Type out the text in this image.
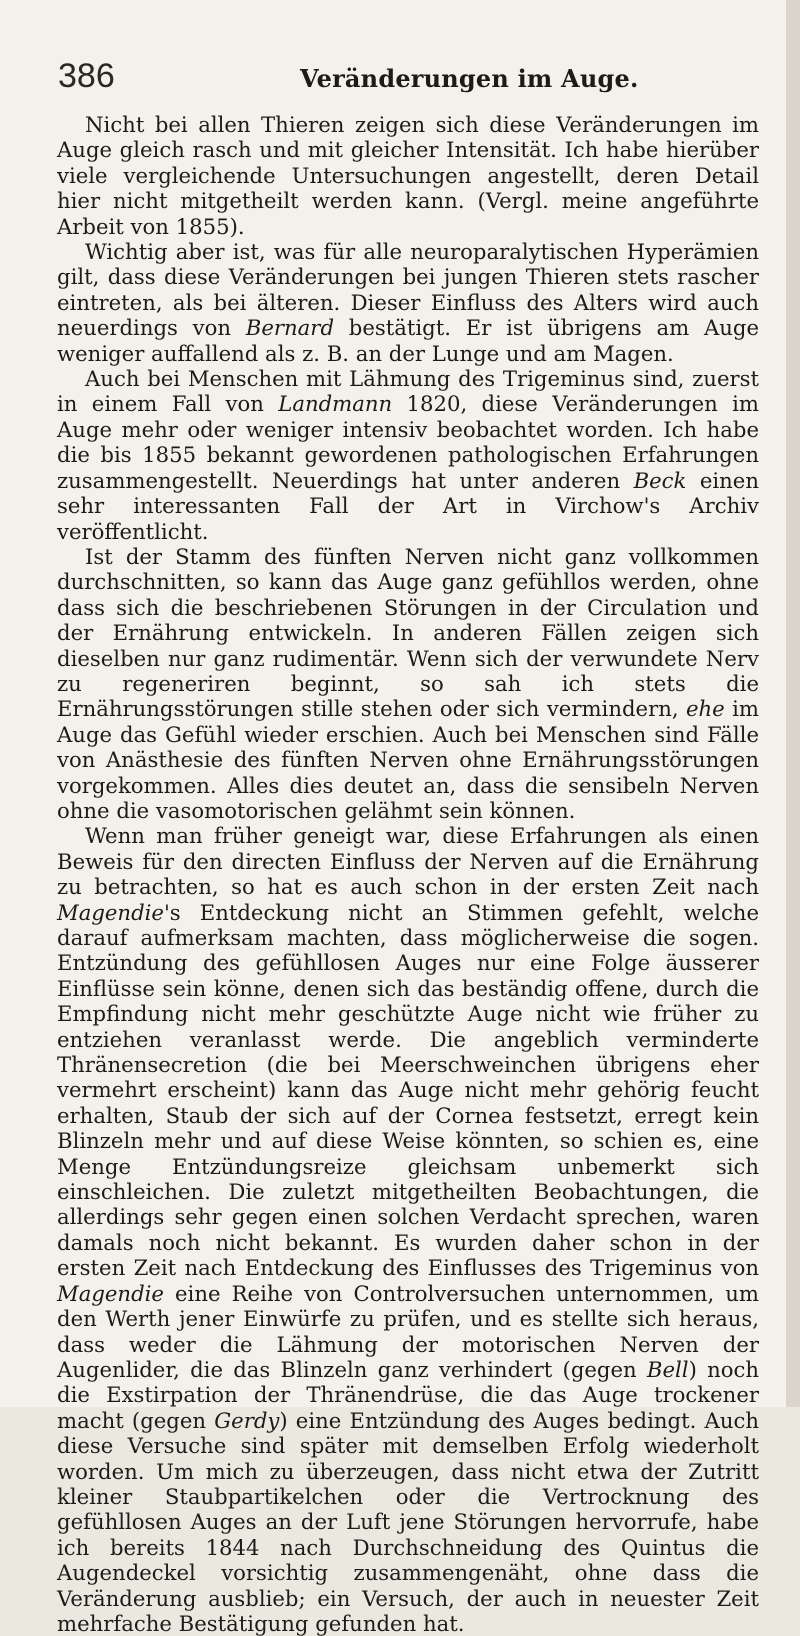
386	Veränderungen im Auge.

Nicht bei allen Thieren zeigen sich diese Veränderungen im Auge gleich rasch und mit gleicher Intensität. Ich habe hierüber viele vergleichende Untersuchungen angestellt, deren Detail hier nicht mitgetheilt werden kann. (Vergl. meine angeführte Arbeit von 1855).

Wichtig aber ist, was für alle neuroparalytischen Hyperämien gilt, dass diese Veränderungen bei jungen Thieren stets rascher eintreten, als bei älteren. Dieser Einfluss des Alters wird auch neuerdings von Bernard bestätigt. Er ist übrigens am Auge weniger auffallend als z. B. an der Lunge und am Magen.

Auch bei Menschen mit Lähmung des Trigeminus sind, zuerst in einem Fall von Landmann 1820, diese Veränderungen im Auge mehr oder weniger intensiv beobachtet worden. Ich habe die bis 1855 bekannt gewordenen pathologischen Erfahrungen zusammengestellt. Neuerdings hat unter anderen Beck einen sehr interessanten Fall der Art in Virchow's Archiv veröffentlicht.

Ist der Stamm des fünften Nerven nicht ganz vollkommen durchschnitten, so kann das Auge ganz gefühllos werden, ohne dass sich die beschriebenen Störungen in der Circulation und der Ernährung entwickeln. In anderen Fällen zeigen sich dieselben nur ganz rudimentär. Wenn sich der verwundete Nerv zu regeneriren beginnt, so sah ich stets die Ernährungsstörungen stille stehen oder sich vermindern, ehe im Auge das Gefühl wieder erschien. Auch bei Menschen sind Fälle von Anästhesie des fünften Nerven ohne Ernährungsstörungen vorgekommen. Alles dies deutet an, dass die sensibeln Nerven ohne die vasomotorischen gelähmt sein können.

Wenn man früher geneigt war, diese Erfahrungen als einen Beweis für den directen Einfluss der Nerven auf die Ernährung zu betrachten, so hat es auch schon in der ersten Zeit nach Magendie's Entdeckung nicht an Stimmen gefehlt, welche darauf aufmerksam machten, dass möglicherweise die sogen. Entzündung des gefühllosen Auges nur eine Folge äusserer Einflüsse sein könne, denen sich das beständig offene, durch die Empfindung nicht mehr geschützte Auge nicht wie früher zu entziehen veranlasst werde. Die angeblich verminderte Thränensecretion (die bei Meerschweinchen übrigens eher vermehrt erscheint) kann das Auge nicht mehr gehörig feucht erhalten, Staub der sich auf der Cornea festsetzt, erregt kein Blinzeln mehr und auf diese Weise könnten, so schien es, eine Menge Entzündungsreize gleichsam unbemerkt sich einschleichen. Die zuletzt mitgetheilten Beobachtungen, die allerdings sehr gegen einen solchen Verdacht sprechen, waren damals noch nicht bekannt. Es wurden daher schon in der ersten Zeit nach Entdeckung des Einflusses des Trigeminus von Magendie eine Reihe von Controlversuchen unternommen, um den Werth jener Einwürfe zu prüfen, und es stellte sich heraus, dass weder die Lähmung der motorischen Nerven der Augenlider, die das Blinzeln ganz verhindert (gegen Bell) noch die Exstirpation der Thränendrüse, die das Auge trockener macht (gegen Gerdy) eine Entzündung des Auges bedingt. Auch diese Versuche sind später mit demselben Erfolg wiederholt worden. Um mich zu überzeugen, dass nicht etwa der Zutritt kleiner Staubpartikelchen oder die Vertrocknung des gefühllosen Auges an der Luft jene Störungen hervorrufe, habe ich bereits 1844 nach Durchschneidung des Quintus die Augendeckel vorsichtig zusammengenäht, ohne dass die Veränderung ausblieb; ein Versuch, der auch in neuester Zeit mehrfache Bestätigung gefunden hat.
